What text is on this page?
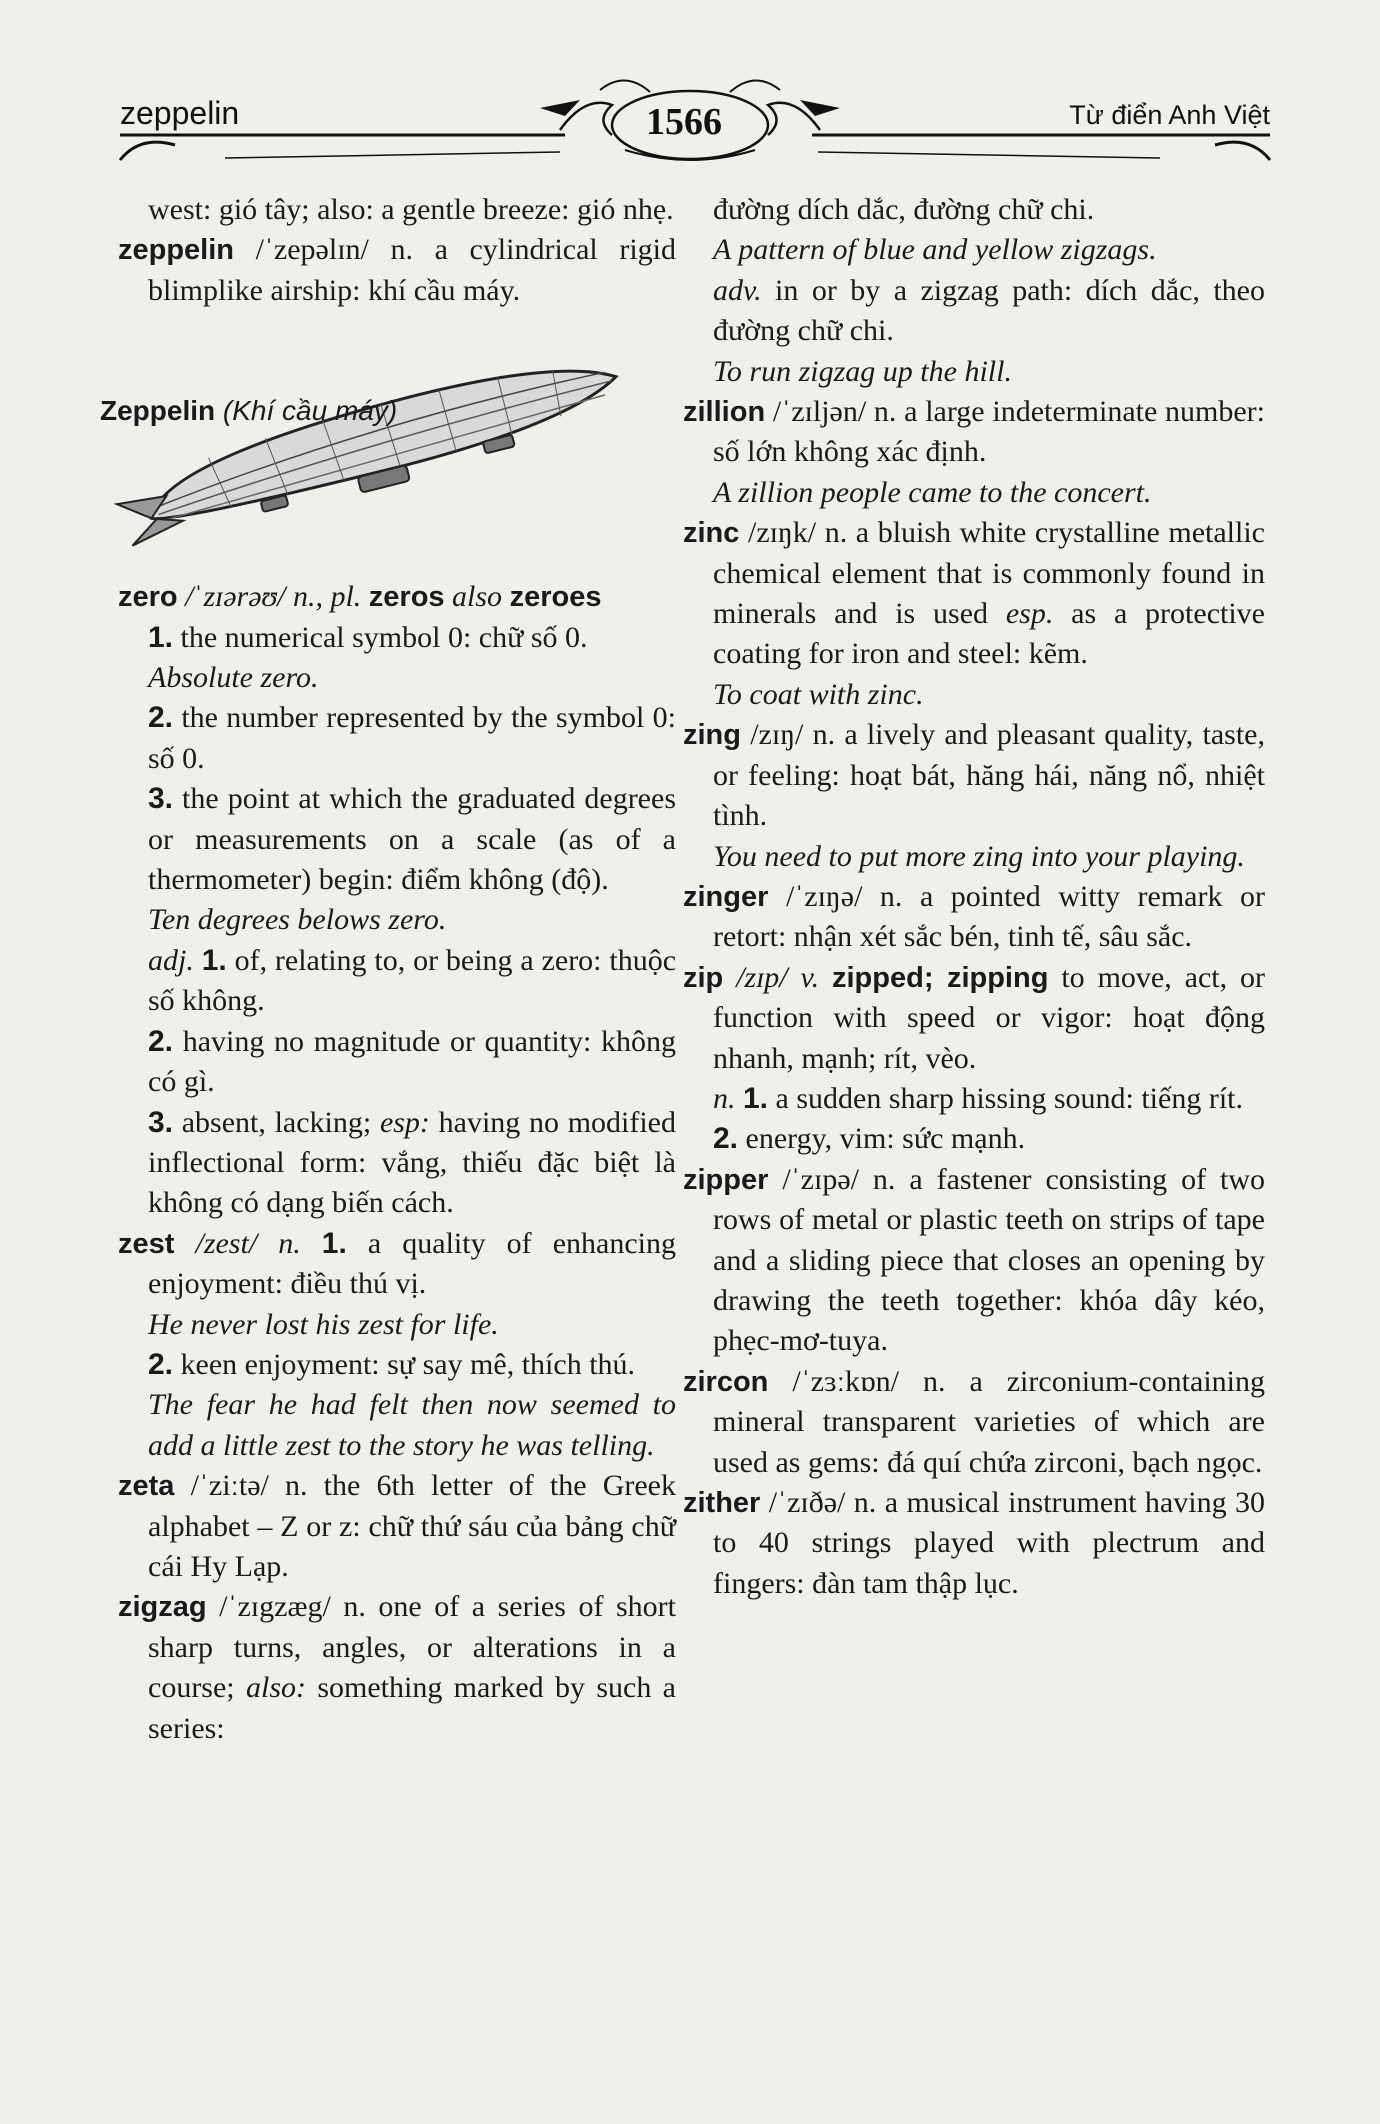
zeppelin	1566	Từ điển Anh Việt

west: gió tây; also: a gentle breeze: gió nhẹ.

zeppelin /ˈzepəlɪn/ n. a cylindrical rigid blimplike airship: khí cầu máy.

zero /ˈzɪərəʊ/ n., pl. zeros also zeroes

1. the numerical symbol 0: chữ số 0.

Absolute zero.

2. the number represented by the symbol 0: số 0.

3. the point at which the graduated degrees or measurements on a scale (as of a thermometer) begin: điểm không (độ).

Ten degrees belows zero.

adj. 1. of, relating to, or being a zero: thuộc số không.

2. having no magnitude or quantity: không có gì.

3. absent, lacking; esp: having no modified inflectional form: vắng, thiếu đặc biệt là không có dạng biến cách.

zest /zest/ n. 1. a quality of enhancing enjoyment: điều thú vị.

He never lost his zest for life.

2. keen enjoyment: sự say mê, thích thú.

The fear he had felt then now seemed to add a little zest to the story he was telling.

zeta /ˈziːtə/ n. the 6th letter of the Greek alphabet – Z or z: chữ thứ sáu của bảng chữ cái Hy Lạp.

zigzag /ˈzɪgzæg/ n. one of a series of short sharp turns, angles, or alterations in a course; also: something marked by such a series:

Zeppelin (Khí cầu máy)

đường dích dắc, đường chữ chi.

A pattern of blue and yellow zigzags.

adv. in or by a zigzag path: dích dắc, theo đường chữ chi.

To run zigzag up the hill.

zillion /ˈzɪljən/ n. a large indeterminate number: số lớn không xác định.

A zillion people came to the concert.

zinc /zɪŋk/ n. a bluish white crystalline metallic chemical element that is commonly found in minerals and is used esp. as a protective coating for iron and steel: kẽm.

To coat with zinc.

zing /zɪŋ/ n. a lively and pleasant quality, taste, or feeling: hoạt bát, hăng hái, năng nổ, nhiệt tình.

You need to put more zing into your playing.

zinger /ˈzɪŋə/ n. a pointed witty remark or retort: nhận xét sắc bén, tinh tế, sâu sắc.

zip /zɪp/ v. zipped; zipping to move, act, or function with speed or vigor: hoạt động nhanh, mạnh; rít, vèo.

n. 1. a sudden sharp hissing sound: tiếng rít.

2. energy, vim: sức mạnh.

zipper /ˈzɪpə/ n. a fastener consisting of two rows of metal or plastic teeth on strips of tape and a sliding piece that closes an opening by drawing the teeth together: khóa dây kéo, phẹc-mơ-tuya.

zircon /ˈzɜːkɒn/ n. a zirconium-containing mineral transparent varieties of which are used as gems: đá quí chứa zirconi, bạch ngọc.

zither /ˈzɪðə/ n. a musical instrument having 30 to 40 strings played with plectrum and fingers: đàn tam thập lục.
